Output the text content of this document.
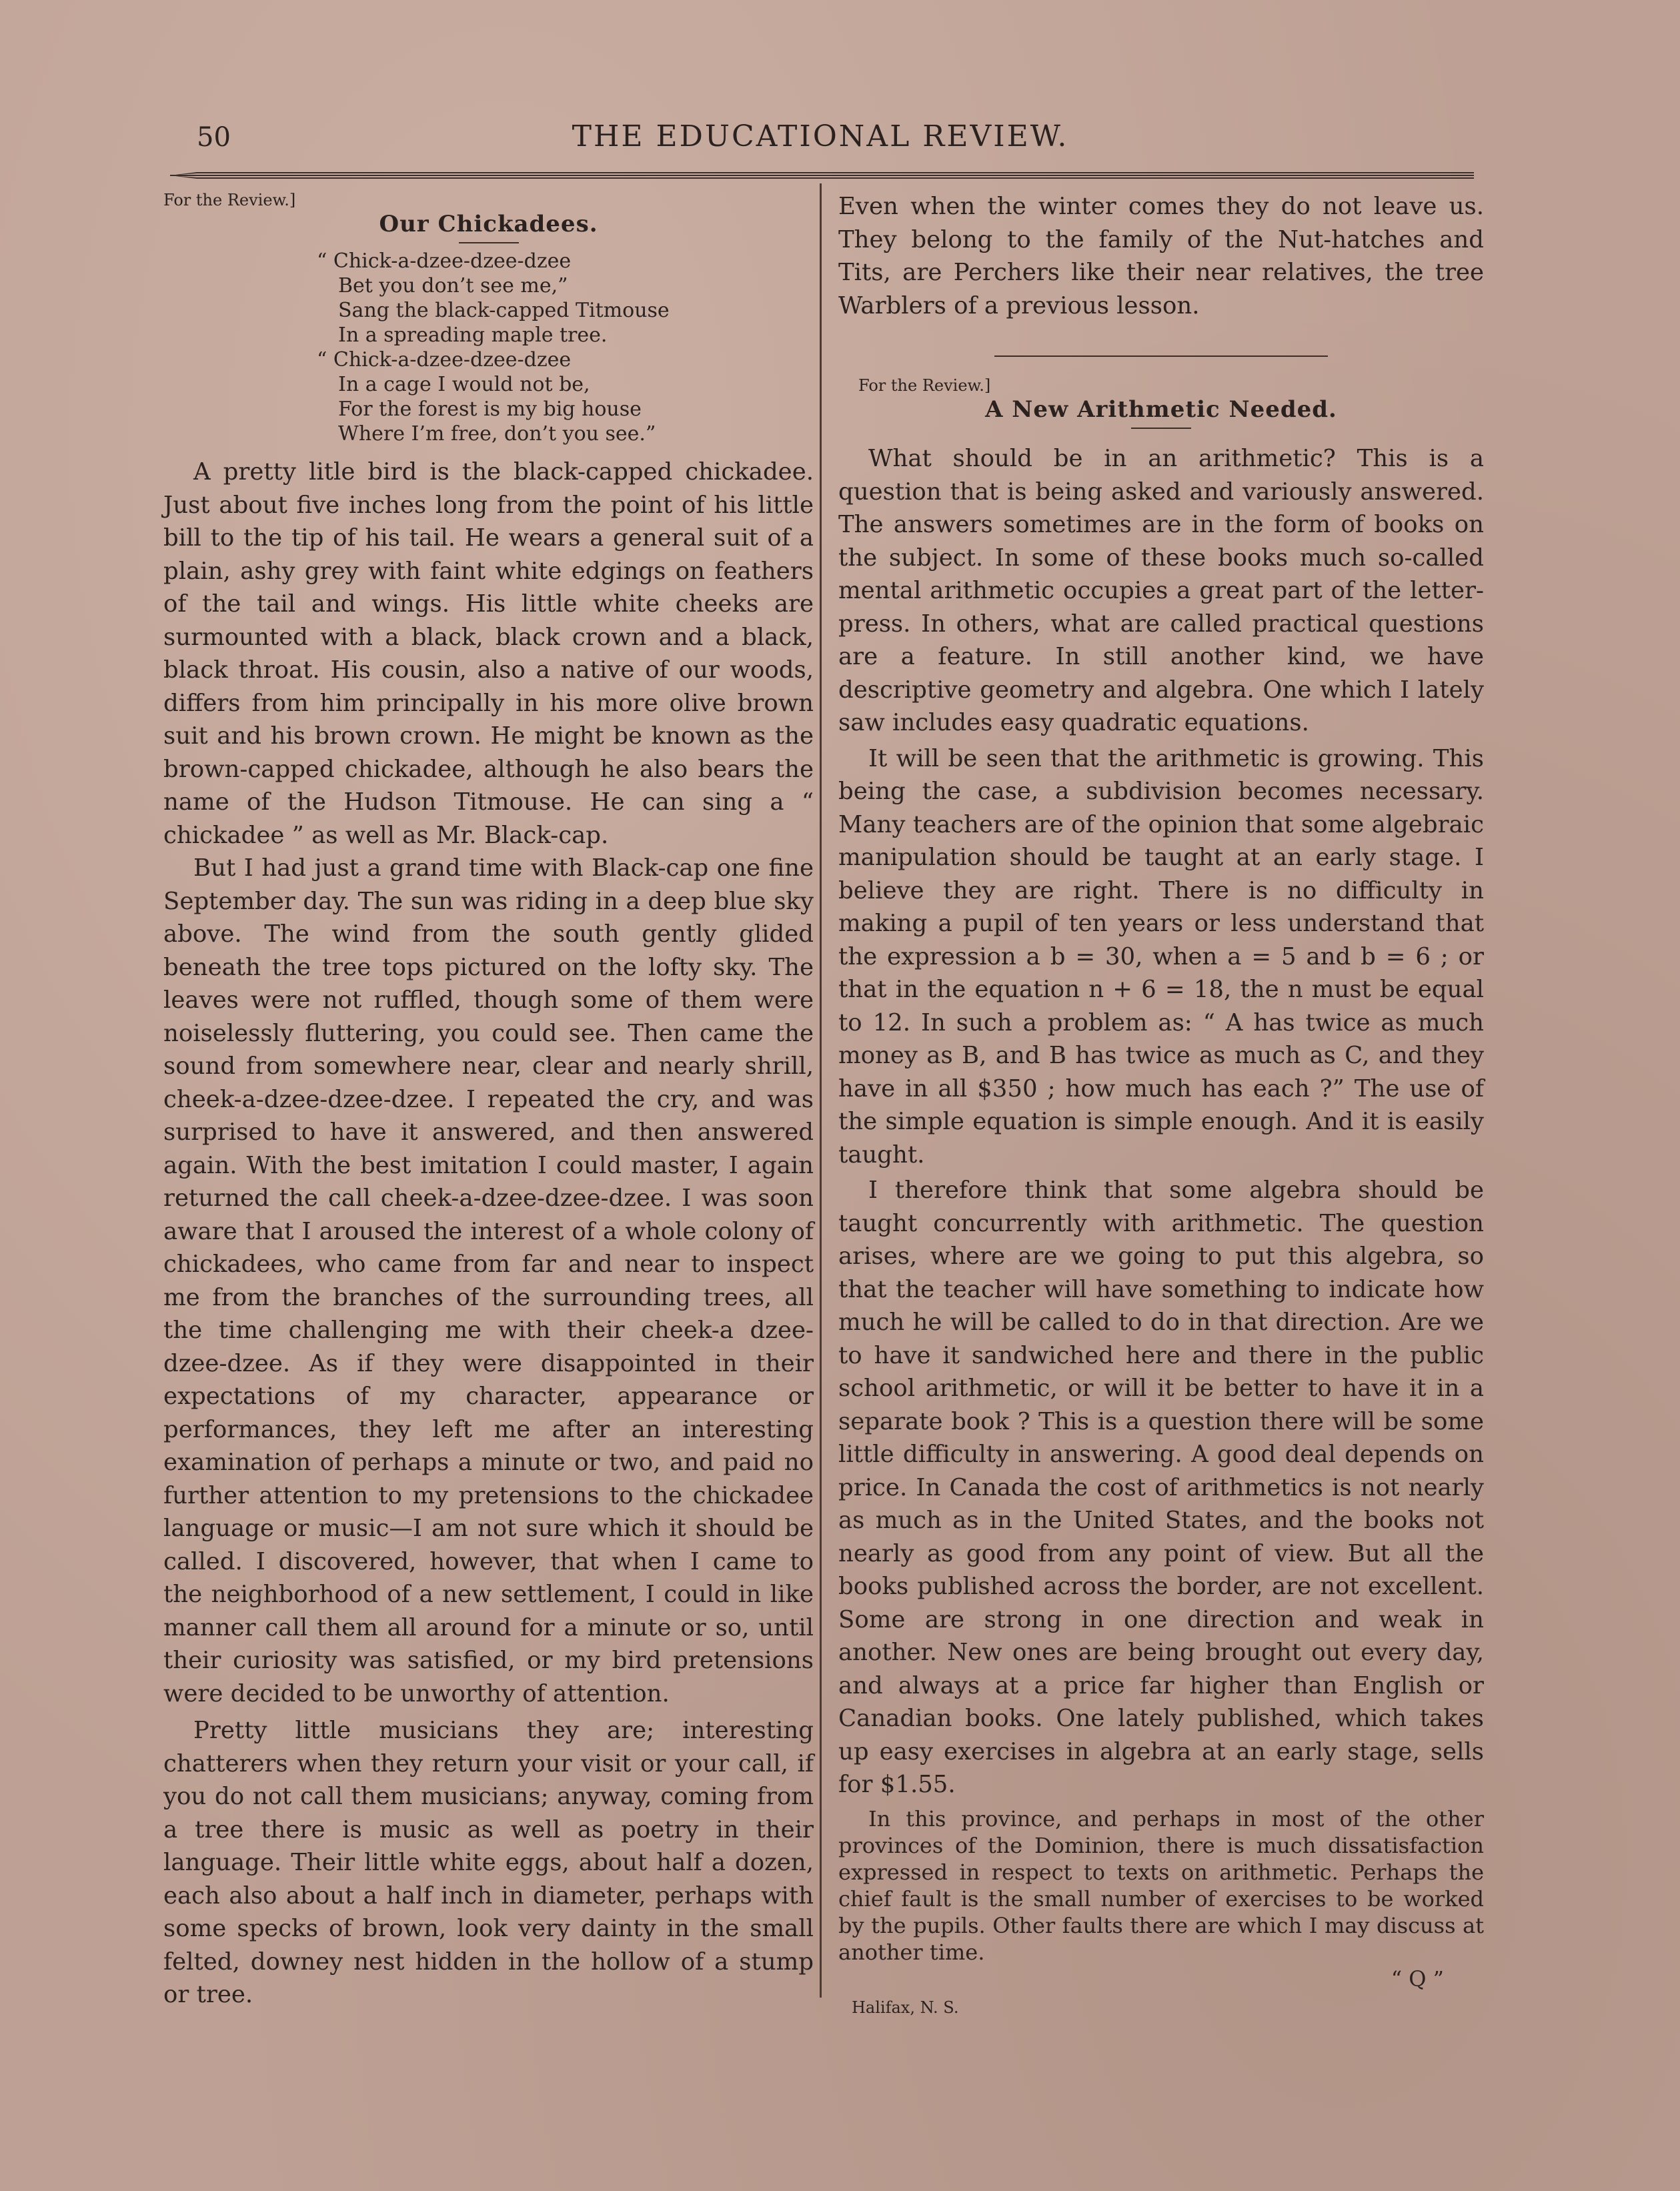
50	THE EDUCATIONAL REVIEW.

For the Review.]

Our Chickadees.

“ Chick-a-dzee-dzee-dzee
Bet you don’t see me,”
Sang the black-capped Titmouse
In a spreading maple tree.
“ Chick-a-dzee-dzee-dzee
In a cage I would not be,
For the forest is my big house
Where I’m free, don’t you see.”

A pretty litle bird is the black-capped chickadee. Just about five inches long from the point of his little bill to the tip of his tail. He wears a general suit of a plain, ashy grey with faint white edgings on feathers of the tail and wings. His little white cheeks are surmounted with a black, black crown and a black, black throat. His cousin, also a native of our woods, differs from him principally in his more olive brown suit and his brown crown. He might be known as the brown-capped chickadee, although he also bears the name of the Hudson Titmouse. He can sing a “ chickadee ” as well as Mr. Black-cap.

But I had just a grand time with Black-cap one fine September day. The sun was riding in a deep blue sky above. The wind from the south gently glided beneath the tree tops pictured on the lofty sky. The leaves were not ruffled, though some of them were noiselessly fluttering, you could see. Then came the sound from somewhere near, clear and nearly shrill, cheek-a-dzee-dzee-dzee. I repeated the cry, and was surprised to have it answered, and then answered again. With the best imitation I could master, I again returned the call cheek-a-dzee-dzee-dzee. I was soon aware that I aroused the interest of a whole colony of chickadees, who came from far and near to inspect me from the branches of the surrounding trees, all the time challenging me with their cheek-a dzee-dzee-dzee. As if they were disappointed in their expectations of my character, appearance or performances, they left me after an interesting examination of perhaps a minute or two, and paid no further attention to my pretensions to the chickadee language or music—I am not sure which it should be called. I discovered, however, that when I came to the neighborhood of a new settlement, I could in like manner call them all around for a minute or so, until their curiosity was satisfied, or my bird pretensions were decided to be unworthy of attention.

Pretty little musicians they are; interesting chatterers when they return your visit or your call, if you do not call them musicians; anyway, coming from a tree there is music as well as poetry in their language. Their little white eggs, about half a dozen, each also about a half inch in diameter, perhaps with some specks of brown, look very dainty in the small felted, downey nest hidden in the hollow of a stump or tree.

Even when the winter comes they do not leave us. They belong to the family of the Nut-hatches and Tits, are Perchers like their near relatives, the tree Warblers of a previous lesson.

For the Review.]

A New Arithmetic Needed.

What should be in an arithmetic? This is a question that is being asked and variously answered. The answers sometimes are in the form of books on the subject. In some of these books much so-called mental arithmetic occupies a great part of the letter-press. In others, what are called practical questions are a feature. In still another kind, we have descriptive geometry and algebra. One which I lately saw includes easy quadratic equations.

It will be seen that the arithmetic is growing. This being the case, a subdivision becomes necessary. Many teachers are of the opinion that some algebraic manipulation should be taught at an early stage. I believe they are right. There is no difficulty in making a pupil of ten years or less understand that the expression a b = 30, when a = 5 and b = 6 ; or that in the equation n + 6 = 18, the n must be equal to 12. In such a problem as: “ A has twice as much money as B, and B has twice as much as C, and they have in all $350 ; how much has each ?” The use of the simple equation is simple enough. And it is easily taught.

I therefore think that some algebra should be taught concurrently with arithmetic. The question arises, where are we going to put this algebra, so that the teacher will have something to indicate how much he will be called to do in that direction. Are we to have it sandwiched here and there in the public school arithmetic, or will it be better to have it in a separate book ? This is a question there will be some little difficulty in answering. A good deal depends on price. In Canada the cost of arithmetics is not nearly as much as in the United States, and the books not nearly as good from any point of view. But all the books published across the border, are not excellent. Some are strong in one direction and weak in another. New ones are being brought out every day, and always at a price far higher than English or Canadian books. One lately published, which takes up easy exercises in algebra at an early stage, sells for $1.55.

In this province, and perhaps in most of the other provinces of the Dominion, there is much dissatisfaction expressed in respect to texts on arithmetic. Perhaps the chief fault is the small number of exercises to be worked by the pupils. Other faults there are which I may discuss at another time.

“ Q ”

Halifax, N. S.
